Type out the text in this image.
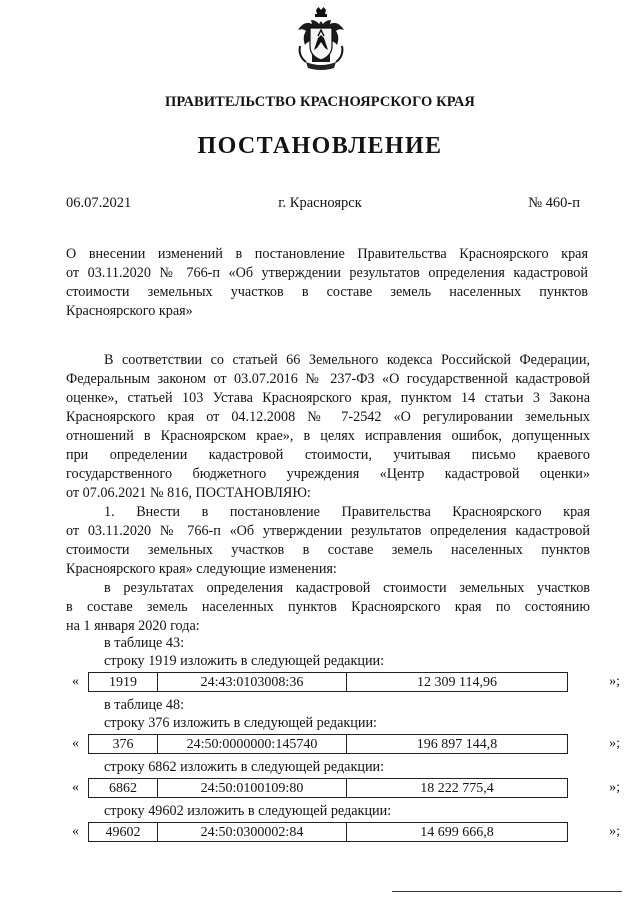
ПРАВИТЕЛЬСТВО КРАСНОЯРСКОГО КРАЯ
ПОСТАНОВЛЕНИЕ
06.07.2021	г. Красноярск	№ 460-п
О внесении изменений в постановление Правительства Красноярского края
от 03.11.2020 № 766-п «Об утверждении результатов определения кадастровой
стоимости земельных участков в составе земель населенных пунктов
Красноярского края»
В соответствии со статьей 66 Земельного кодекса Российской Федерации,
Федеральным законом от 03.07.2016 № 237-ФЗ «О государственной кадастровой
оценке», статьей 103 Устава Красноярского края, пунктом 14 статьи 3 Закона
Красноярского края от 04.12.2008 № 7-2542 «О регулировании земельных
отношений в Красноярском крае», в целях исправления ошибок, допущенных
при определении кадастровой стоимости, учитывая письмо краевого
государственного бюджетного учреждения «Центр кадастровой оценки»
от 07.06.2021 № 816, ПОСТАНОВЛЯЮ:
1. Внести в постановление Правительства Красноярского края
от 03.11.2020 № 766-п «Об утверждении результатов определения кадастровой
стоимости земельных участков в составе земель населенных пунктов
Красноярского края» следующие изменения:
в результатах определения кадастровой стоимости земельных участков
в составе земель населенных пунктов Красноярского края по состоянию
на 1 января 2020 года:
в таблице 43:
строку 1919 изложить в следующей редакции:
«	1919	24:43:0103008:36	12 309 114,96	»;
в таблице 48:
строку 376 изложить в следующей редакции:
«	376	24:50:0000000:145740	196 897 144,8	»;
строку 6862 изложить в следующей редакции:
«	6862	24:50:0100109:80	18 222 775,4	»;
строку 49602 изложить в следующей редакции:
«	49602	24:50:0300002:84	14 699 666,8	»;
